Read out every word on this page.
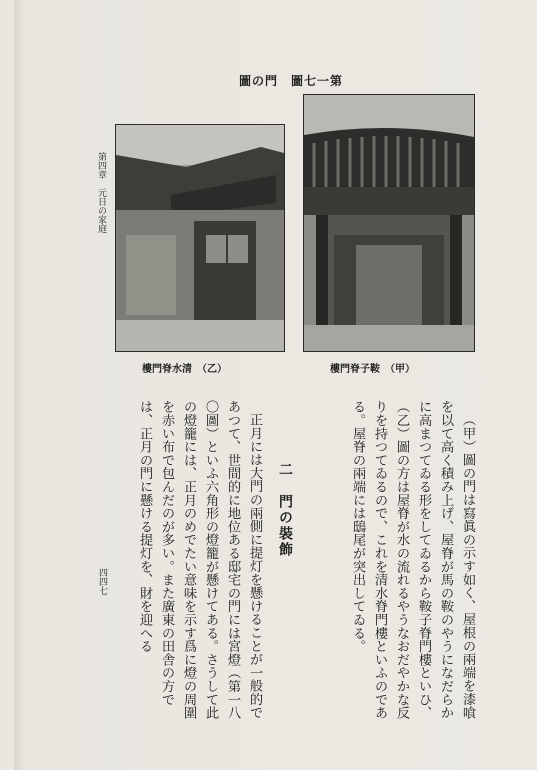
第一七圖　門の圖
（甲）　鞍子脊門樓
（乙）　清水脊門樓
第四章　元日の家庭
四四七	（甲）圖の門は寫眞の示す如く、屋根の兩端を漆喰を以て高く積み上げ、屋脊が馬の鞍のやうになだらかに高まつてゐる形をしてゐるから鞍子脊門樓といひ、（乙）圖の方は屋脊が水の流れるやうなおだやかな反りを持つてゐるので、これを清水脊門樓といふのである。屋脊の兩端には鴟尾が突出してゐる。

二　門の裝飾

正月には大門の兩側に提灯を懸けることが一般的であつて、世間的に地位ある邸宅の門には宮燈（第一八〇圖）といふ六角形の燈籠が懸けてある。さうして此の燈籠には、正月のめでたい意味を示す爲に燈の周圍を赤い布で包んだのが多い。また廣東の田舎の方では、正月の門に懸ける提灯を、財を迎へる
